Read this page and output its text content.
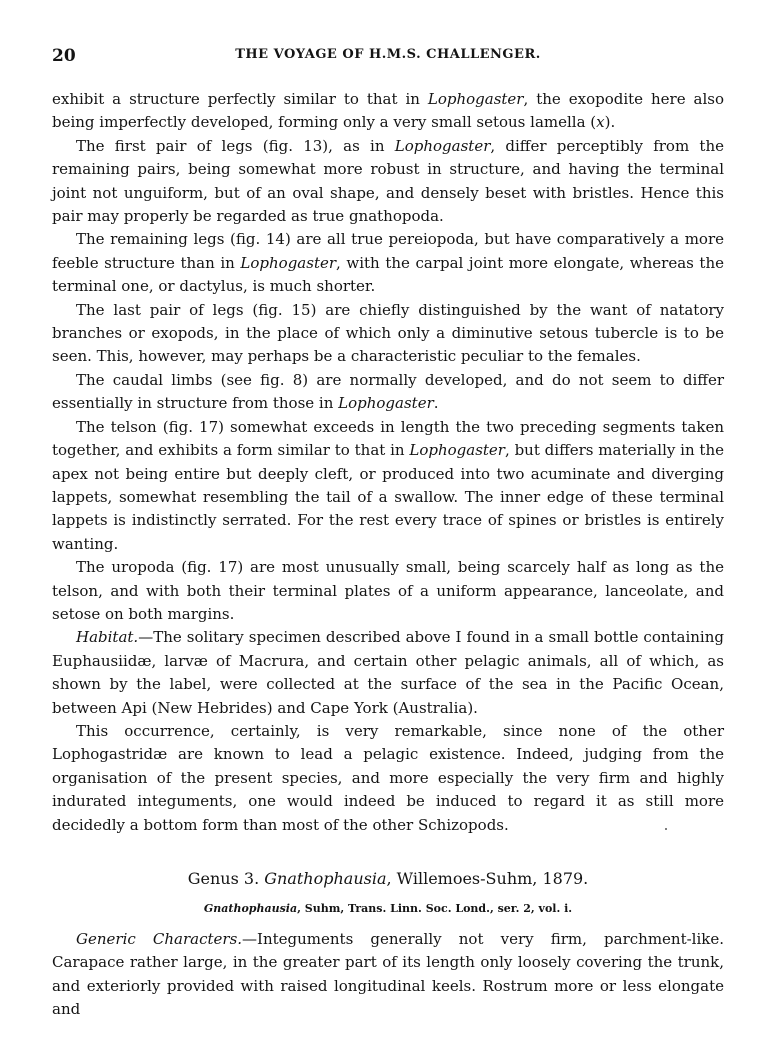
20	THE VOYAGE OF H.M.S. CHALLENGER.

exhibit a structure perfectly similar to that in Lophogaster, the exopodite here also being imperfectly developed, forming only a very small setous lamella (x).

The first pair of legs (fig. 13), as in Lophogaster, differ perceptibly from the remaining pairs, being somewhat more robust in structure, and having the terminal joint not unguiform, but of an oval shape, and densely beset with bristles. Hence this pair may properly be regarded as true gnathopoda.

The remaining legs (fig. 14) are all true pereiopoda, but have comparatively a more feeble structure than in Lophogaster, with the carpal joint more elongate, whereas the terminal one, or dactylus, is much shorter.

The last pair of legs (fig. 15) are chiefly distinguished by the want of natatory branches or exopods, in the place of which only a diminutive setous tubercle is to be seen. This, however, may perhaps be a characteristic peculiar to the females.

The caudal limbs (see fig. 8) are normally developed, and do not seem to differ essentially in structure from those in Lophogaster.

The telson (fig. 17) somewhat exceeds in length the two preceding segments taken together, and exhibits a form similar to that in Lophogaster, but differs materially in the apex not being entire but deeply cleft, or produced into two acuminate and diverging lappets, somewhat resembling the tail of a swallow. The inner edge of these terminal lappets is indistinctly serrated. For the rest every trace of spines or bristles is entirely wanting.

The uropoda (fig. 17) are most unusually small, being scarcely half as long as the telson, and with both their terminal plates of a uniform appearance, lanceolate, and setose on both margins.

Habitat.—The solitary specimen described above I found in a small bottle containing Euphausiidæ, larvæ of Macrura, and certain other pelagic animals, all of which, as shown by the label, were collected at the surface of the sea in the Pacific Ocean, between Api (New Hebrides) and Cape York (Australia).

This occurrence, certainly, is very remarkable, since none of the other Lophogastridæ are known to lead a pelagic existence. Indeed, judging from the organisation of the present species, and more especially the very firm and highly indurated integuments, one would indeed be induced to regard it as still more decidedly a bottom form than most of the other Schizopods.

Genus 3. Gnathophausia, Willemoes-Suhm, 1879.
Gnathophausia, Suhm, Trans. Linn. Soc. Lond., ser. 2, vol. i.

Generic Characters.—Integuments generally not very firm, parchment-like. Carapace rather large, in the greater part of its length only loosely covering the trunk, and exteriorly provided with raised longitudinal keels. Rostrum more or less elongate and
